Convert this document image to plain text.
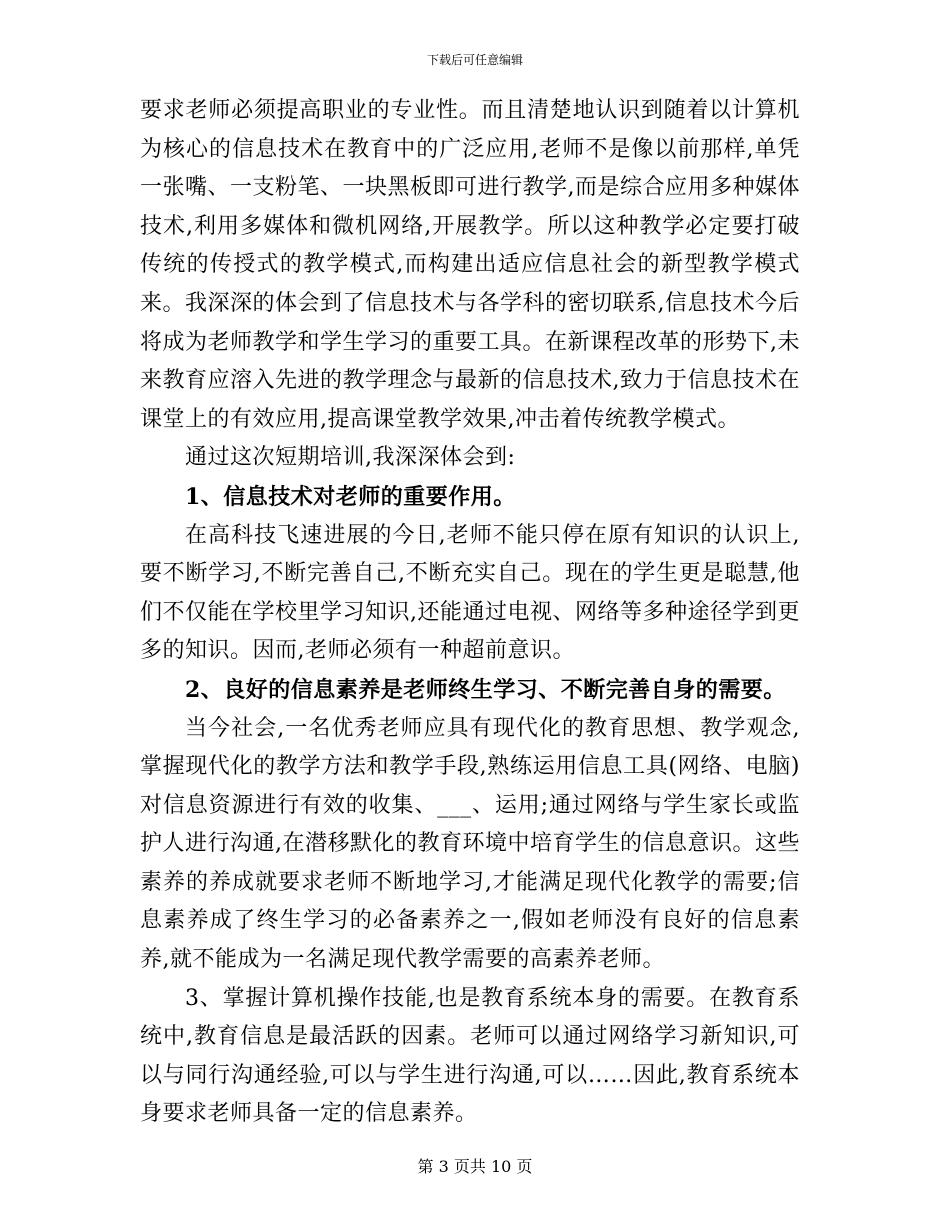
下载后可任意编辑

要求老师必须提高职业的专业性。而且清楚地认识到随着以计算机为核心的信息技术在教育中的广泛应用,老师不是像以前那样,单凭一张嘴、一支粉笔、一块黑板即可进行教学,而是综合应用多种媒体技术,利用多媒体和微机网络,开展教学。所以这种教学必定要打破传统的传授式的教学模式,而构建出适应信息社会的新型教学模式来。我深深的体会到了信息技术与各学科的密切联系,信息技术今后将成为老师教学和学生学习的重要工具。在新课程改革的形势下,未来教育应溶入先进的教学理念与最新的信息技术,致力于信息技术在课堂上的有效应用,提高课堂教学效果,冲击着传统教学模式。

通过这次短期培训,我深深体会到:

1、信息技术对老师的重要作用。

在高科技飞速进展的今日,老师不能只停在原有知识的认识上,要不断学习,不断完善自己,不断充实自己。现在的学生更是聪慧,他们不仅能在学校里学习知识,还能通过电视、网络等多种途径学到更多的知识。因而,老师必须有一种超前意识。

2、良好的信息素养是老师终生学习、不断完善自身的需要。

当今社会,一名优秀老师应具有现代化的教育思想、教学观念,掌握现代化的教学方法和教学手段,熟练运用信息工具(网络、电脑)对信息资源进行有效的收集、___、运用;通过网络与学生家长或监护人进行沟通,在潜移默化的教育环境中培育学生的信息意识。这些素养的养成就要求老师不断地学习,才能满足现代化教学的需要;信息素养成了终生学习的必备素养之一,假如老师没有良好的信息素养,就不能成为一名满足现代教学需要的高素养老师。

3、掌握计算机操作技能,也是教育系统本身的需要。在教育系统中,教育信息是最活跃的因素。老师可以通过网络学习新知识,可以与同行沟通经验,可以与学生进行沟通,可以……因此,教育系统本身要求老师具备一定的信息素养。

第 3 页共 10 页
